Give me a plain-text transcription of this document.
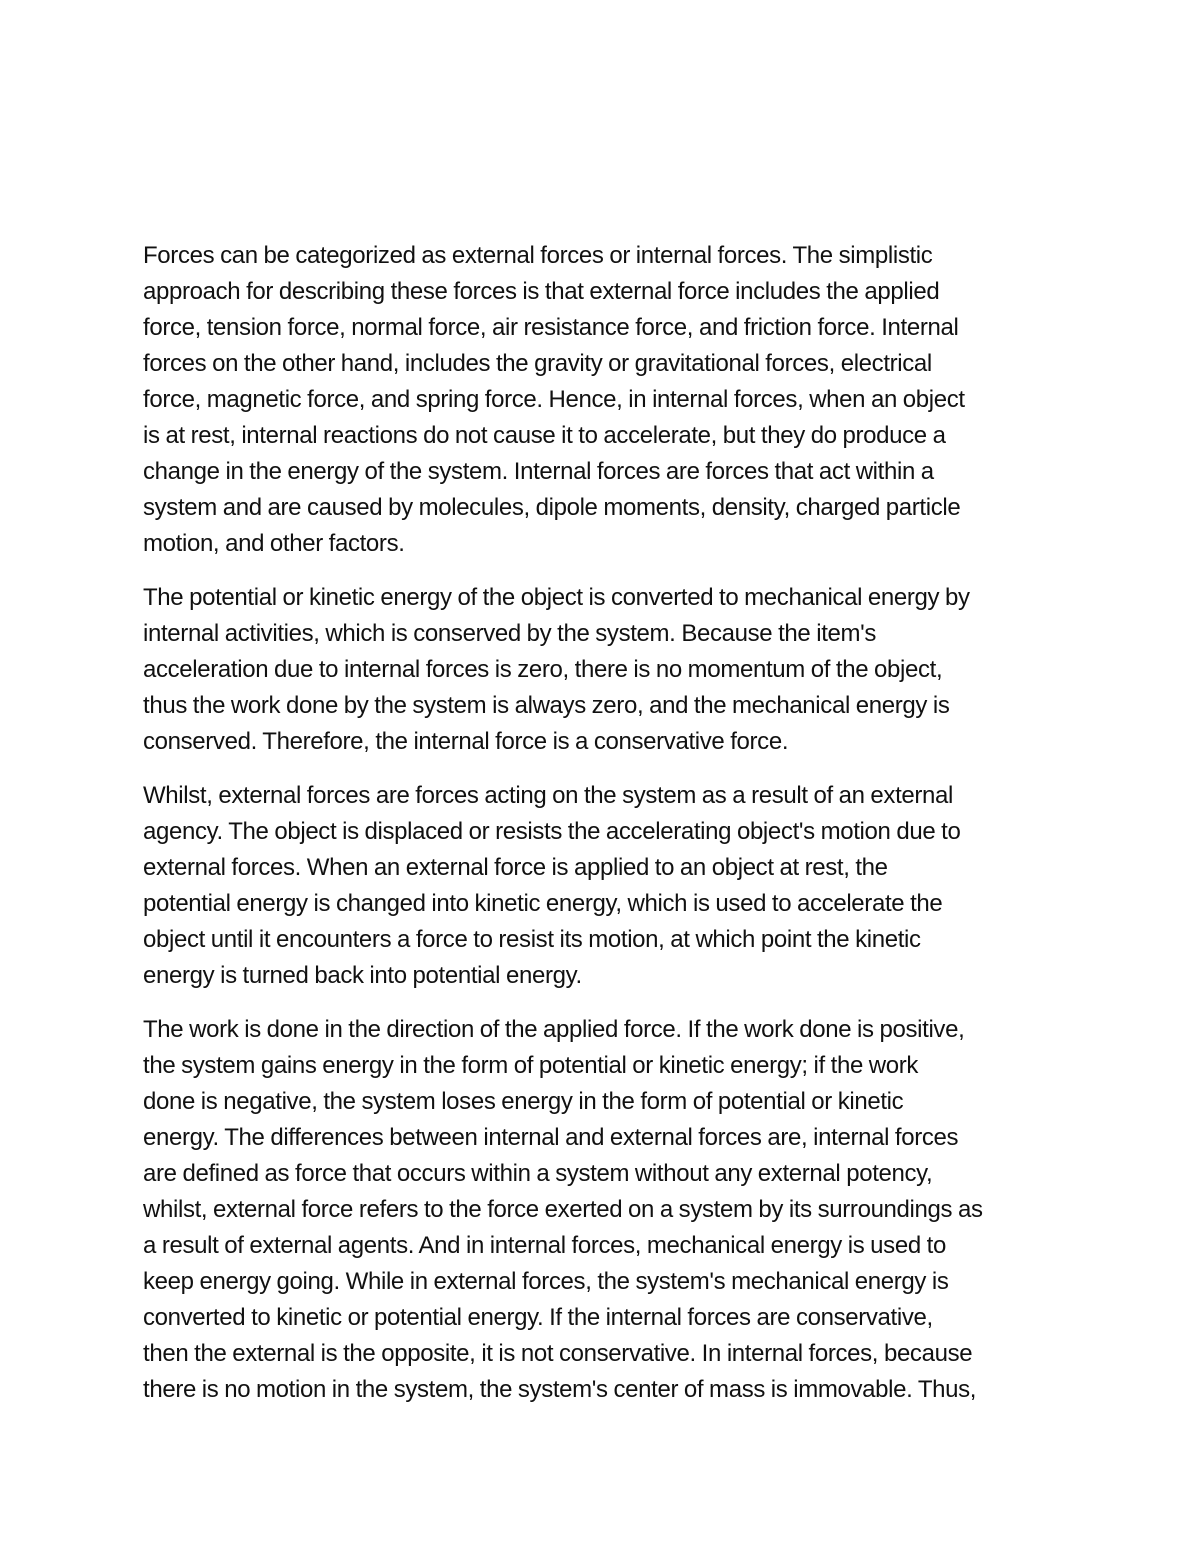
Forces can be categorized as external forces or internal forces. The simplistic
approach for describing these forces is that external force includes the applied
force, tension force, normal force, air resistance force, and friction force. Internal
forces on the other hand, includes the gravity or gravitational forces, electrical
force, magnetic force, and spring force. Hence, in internal forces, when an object
is at rest, internal reactions do not cause it to accelerate, but they do produce a
change in the energy of the system. Internal forces are forces that act within a
system and are caused by molecules, dipole moments, density, charged particle
motion, and other factors.

The potential or kinetic energy of the object is converted to mechanical energy by
internal activities, which is conserved by the system. Because the item's
acceleration due to internal forces is zero, there is no momentum of the object,
thus the work done by the system is always zero, and the mechanical energy is
conserved. Therefore, the internal force is a conservative force.

Whilst, external forces are forces acting on the system as a result of an external
agency. The object is displaced or resists the accelerating object's motion due to
external forces. When an external force is applied to an object at rest, the
potential energy is changed into kinetic energy, which is used to accelerate the
object until it encounters a force to resist its motion, at which point the kinetic
energy is turned back into potential energy.

The work is done in the direction of the applied force. If the work done is positive,
the system gains energy in the form of potential or kinetic energy; if the work
done is negative, the system loses energy in the form of potential or kinetic
energy. The differences between internal and external forces are, internal forces
are defined as force that occurs within a system without any external potency,
whilst, external force refers to the force exerted on a system by its surroundings as
a result of external agents. And in internal forces, mechanical energy is used to
keep energy going. While in external forces, the system's mechanical energy is
converted to kinetic or potential energy. If the internal forces are conservative,
then the external is the opposite, it is not conservative. In internal forces, because
there is no motion in the system, the system's center of mass is immovable. Thus,
